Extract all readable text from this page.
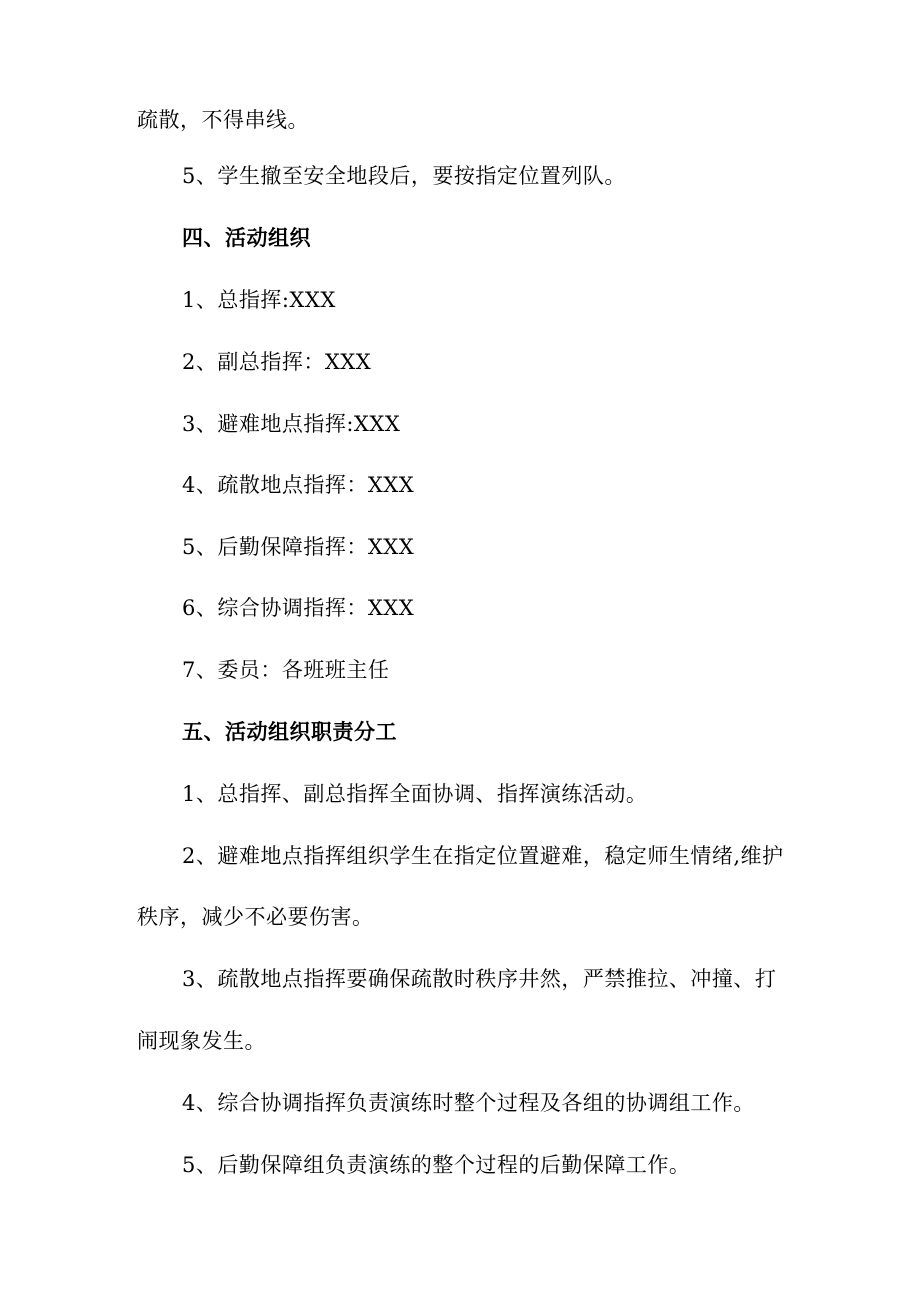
疏散，不得串线。
5、学生撤至安全地段后，要按指定位置列队。
四、活动组织
1、总指挥:XXX
2、副总指挥：XXX
3、避难地点指挥:XXX
4、疏散地点指挥：XXX
5、后勤保障指挥：XXX
6、综合协调指挥：XXX
7、委员：各班班主任
五、活动组织职责分工
1、总指挥、副总指挥全面协调、指挥演练活动。
2、避难地点指挥组织学生在指定位置避难，稳定师生情绪,维护
秩序，减少不必要伤害。
3、疏散地点指挥要确保疏散时秩序井然，严禁推拉、冲撞、打
闹现象发生。
4、综合协调指挥负责演练时整个过程及各组的协调组工作。
5、后勤保障组负责演练的整个过程的后勤保障工作。
